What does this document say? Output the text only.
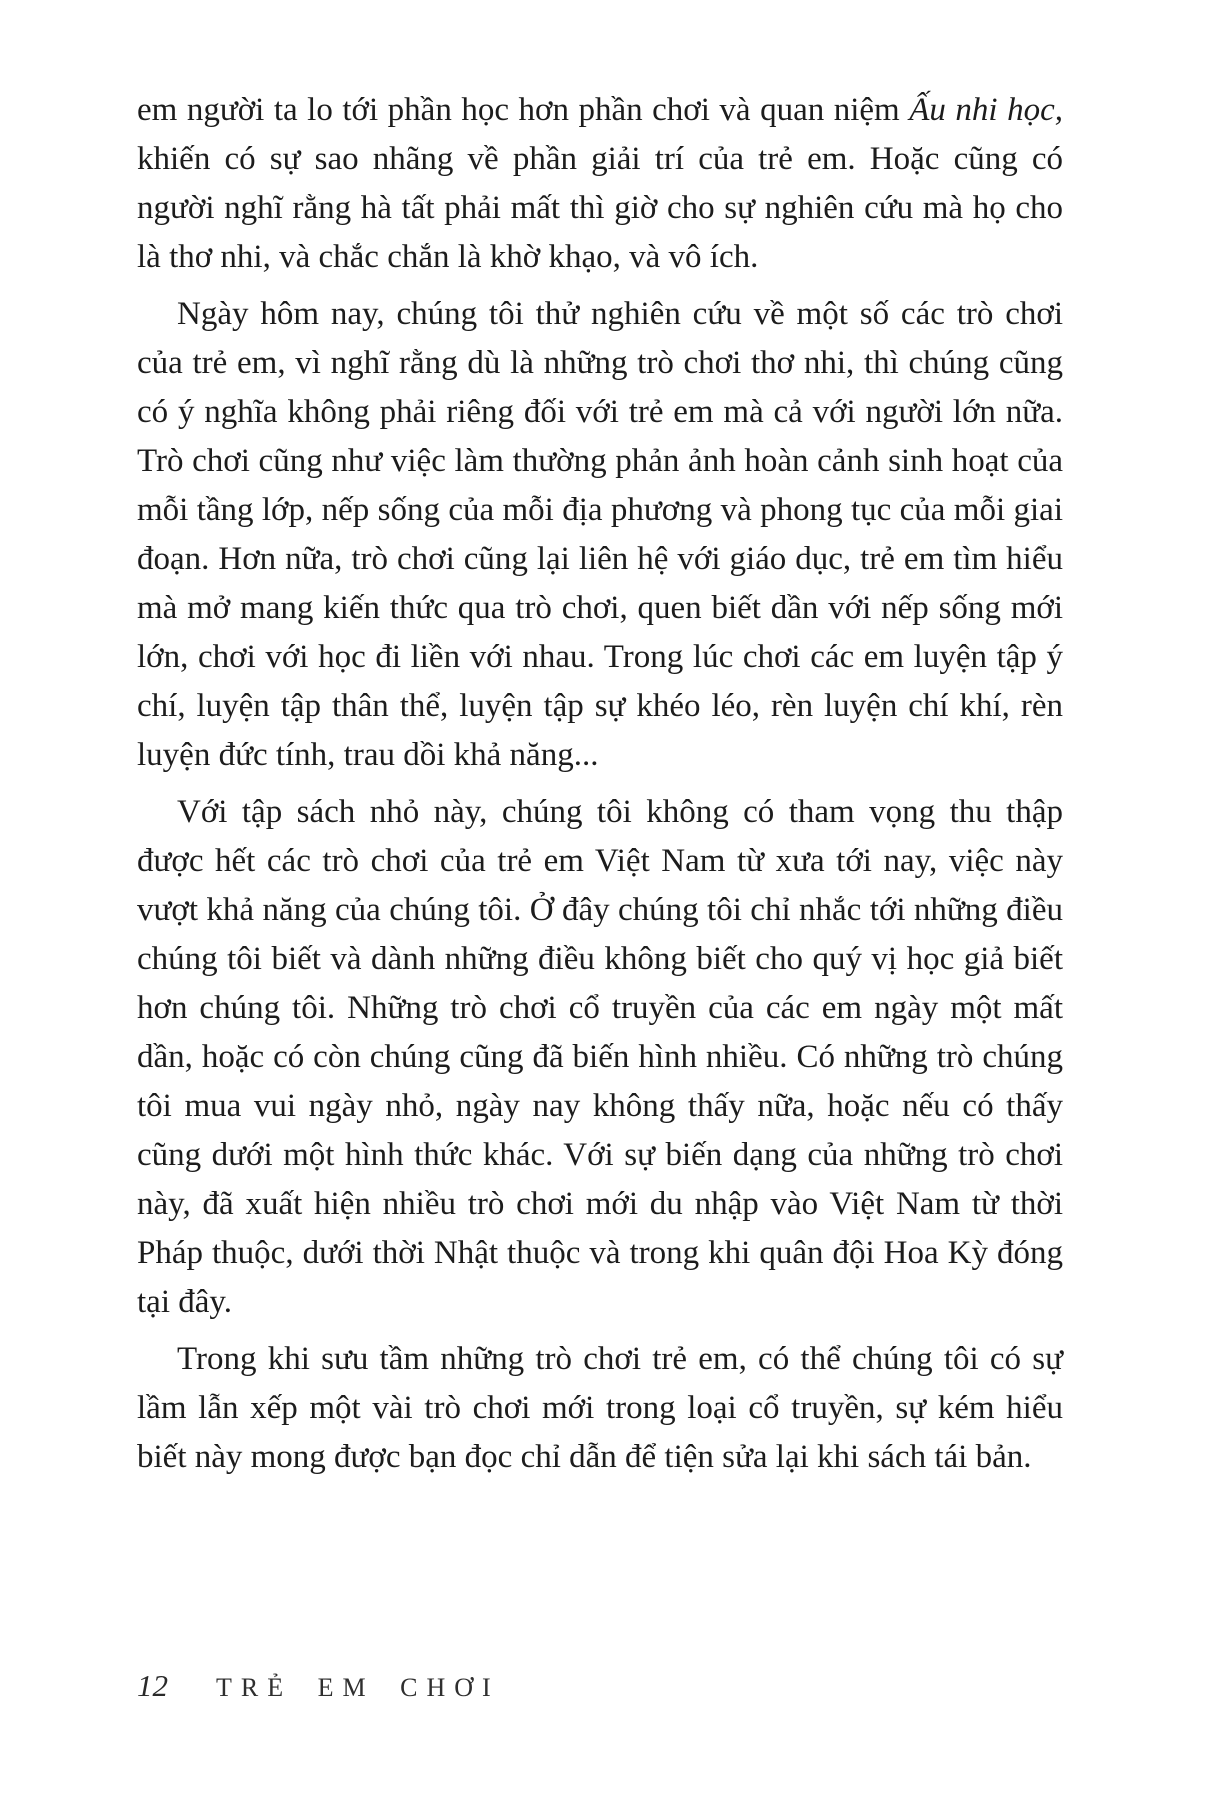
em người ta lo tới phần học hơn phần chơi và quan niệm Ấu nhi học, khiến có sự sao nhãng về phần giải trí của trẻ em. Hoặc cũng có người nghĩ rằng hà tất phải mất thì giờ cho sự nghiên cứu mà họ cho là thơ nhi, và chắc chắn là khờ khạo, và vô ích.

Ngày hôm nay, chúng tôi thử nghiên cứu về một số các trò chơi của trẻ em, vì nghĩ rằng dù là những trò chơi thơ nhi, thì chúng cũng có ý nghĩa không phải riêng đối với trẻ em mà cả với người lớn nữa. Trò chơi cũng như việc làm thường phản ảnh hoàn cảnh sinh hoạt của mỗi tầng lớp, nếp sống của mỗi địa phương và phong tục của mỗi giai đoạn. Hơn nữa, trò chơi cũng lại liên hệ với giáo dục, trẻ em tìm hiểu mà mở mang kiến thức qua trò chơi, quen biết dần với nếp sống mới lớn, chơi với học đi liền với nhau. Trong lúc chơi các em luyện tập ý chí, luyện tập thân thể, luyện tập sự khéo léo, rèn luyện chí khí, rèn luyện đức tính, trau dồi khả năng...

Với tập sách nhỏ này, chúng tôi không có tham vọng thu thập được hết các trò chơi của trẻ em Việt Nam từ xưa tới nay, việc này vượt khả năng của chúng tôi. Ở đây chúng tôi chỉ nhắc tới những điều chúng tôi biết và dành những điều không biết cho quý vị học giả biết hơn chúng tôi. Những trò chơi cổ truyền của các em ngày một mất dần, hoặc có còn chúng cũng đã biến hình nhiều. Có những trò chúng tôi mua vui ngày nhỏ, ngày nay không thấy nữa, hoặc nếu có thấy cũng dưới một hình thức khác. Với sự biến dạng của những trò chơi này, đã xuất hiện nhiều trò chơi mới du nhập vào Việt Nam từ thời Pháp thuộc, dưới thời Nhật thuộc và trong khi quân đội Hoa Kỳ đóng tại đây.

Trong khi sưu tầm những trò chơi trẻ em, có thể chúng tôi có sự lầm lẫn xếp một vài trò chơi mới trong loại cổ truyền, sự kém hiểu biết này mong được bạn đọc chỉ dẫn để tiện sửa lại khi sách tái bản.

12 TRẺ EM CHƠI
